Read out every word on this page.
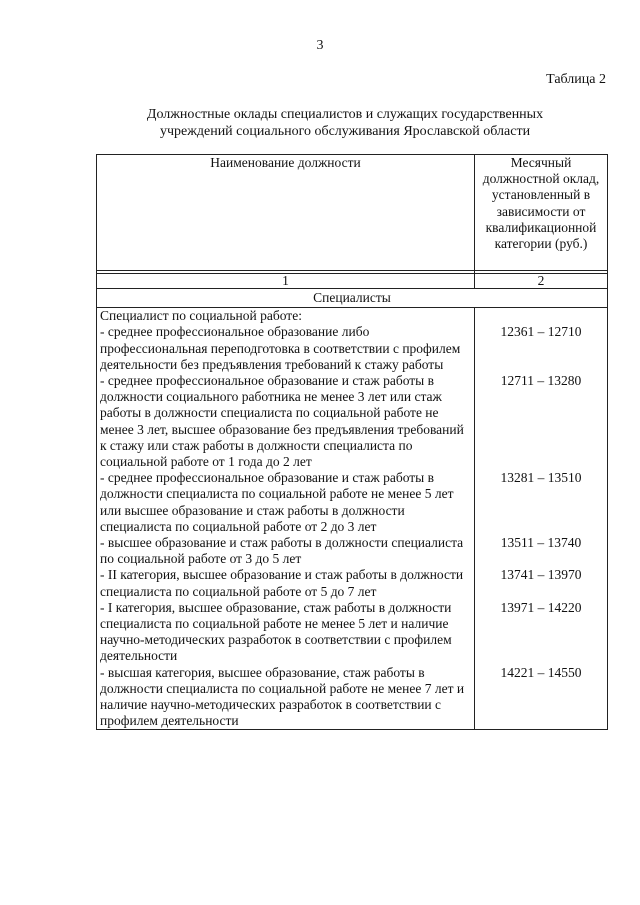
3
Таблица 2
Должностные оклады специалистов и служащих государственных учреждений социального обслуживания Ярославской области
Наименование должности	Месячный должностной оклад, установленный в зависимости от квалификационной категории (руб.)

1	2
Специалисты	
Специалист по социальной работе:	
- среднее профессиональное образование либо профессиональная переподготовка в соответствии с профилем деятельности без предъявления требований к стажу работы	12361 – 12710
- среднее профессиональное образование и стаж работы в должности социального работника не менее 3 лет или стаж работы в должности специалиста по социальной работе не менее 3 лет, высшее образование без предъявления требований к стажу или стаж работы в должности специалиста по социальной работе от 1 года до 2 лет	12711 – 13280
- среднее профессиональное образование и стаж работы в должности специалиста по социальной работе не менее 5 лет или высшее образование и стаж работы в должности специалиста по социальной работе от 2 до 3 лет	13281 – 13510
- высшее образование и стаж работы в должности специалиста по социальной работе от 3 до 5 лет	13511 – 13740
- II категория, высшее образование и стаж работы в должности специалиста по социальной работе от 5 до 7 лет	13741 – 13970
- I категория, высшее образование, стаж работы в должности специалиста по социальной работе не менее 5 лет и наличие научно-методических разработок в соответствии с профилем деятельности	13971 – 14220
- высшая категория, высшее образование, стаж работы в должности специалиста по социальной работе не менее 7 лет и наличие научно-методических разработок в соответствии с профилем деятельности	14221 – 14550
